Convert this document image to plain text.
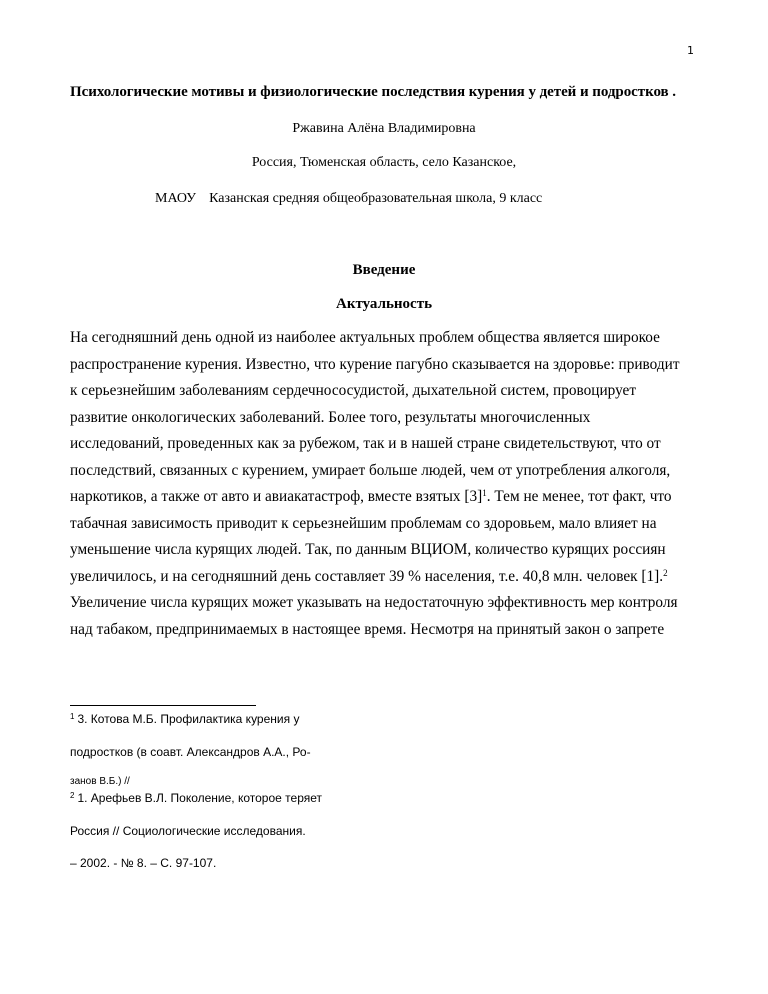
1
Психологические мотивы и физиологические последствия курения у детей и подростков .
Ржавина Алёна Владимировна
Россия, Тюменская область, село Казанское,
МАОУ Казанская средняя общеобразовательная школа, 9 класс
Введение
Актуальность
На сегодняшний день одной из наиболее актуальных проблем общества является широкое
распространение курения. Известно, что курение пагубно сказывается на здоровье: приводит
к серьезнейшим заболеваниям сердечнососудистой, дыхательной систем, провоцирует
развитие онкологических заболеваний. Более того, результаты многочисленных
исследований, проведенных как за рубежом, так и в нашей стране свидетельствуют, что от
последствий, связанных с курением, умирает больше людей, чем от употребления алкоголя,
наркотиков, а также от авто и авиакатастроф, вместе взятых $[3]^1$. Тем не менее, тот факт, что
табачная зависимость приводит к серьезнейшим проблемам со здоровьем, мало влияет на
уменьшение числа курящих людей. Так, по данным ВЦИОМ, количество курящих россиян
увеличилось, и на сегодняшний день составляет 39 % населения, т.е. 40,8 млн. человек [1].$^2$
Увеличение числа курящих может указывать на недостаточную эффективность мер контроля
над табаком, предпринимаемых в настоящее время. Несмотря на принятый закон о запрете
$^1$ 3. Котова М.Б. Профилактика курения у
подростков (в соавт. Александров А.А., Ро-
занов В.Б.) //
$^2$ 1. Арефьев В.Л. Поколение, которое теряет
Россия // Социологические исследования.
– 2002. - № 8. – С. 97-107.
